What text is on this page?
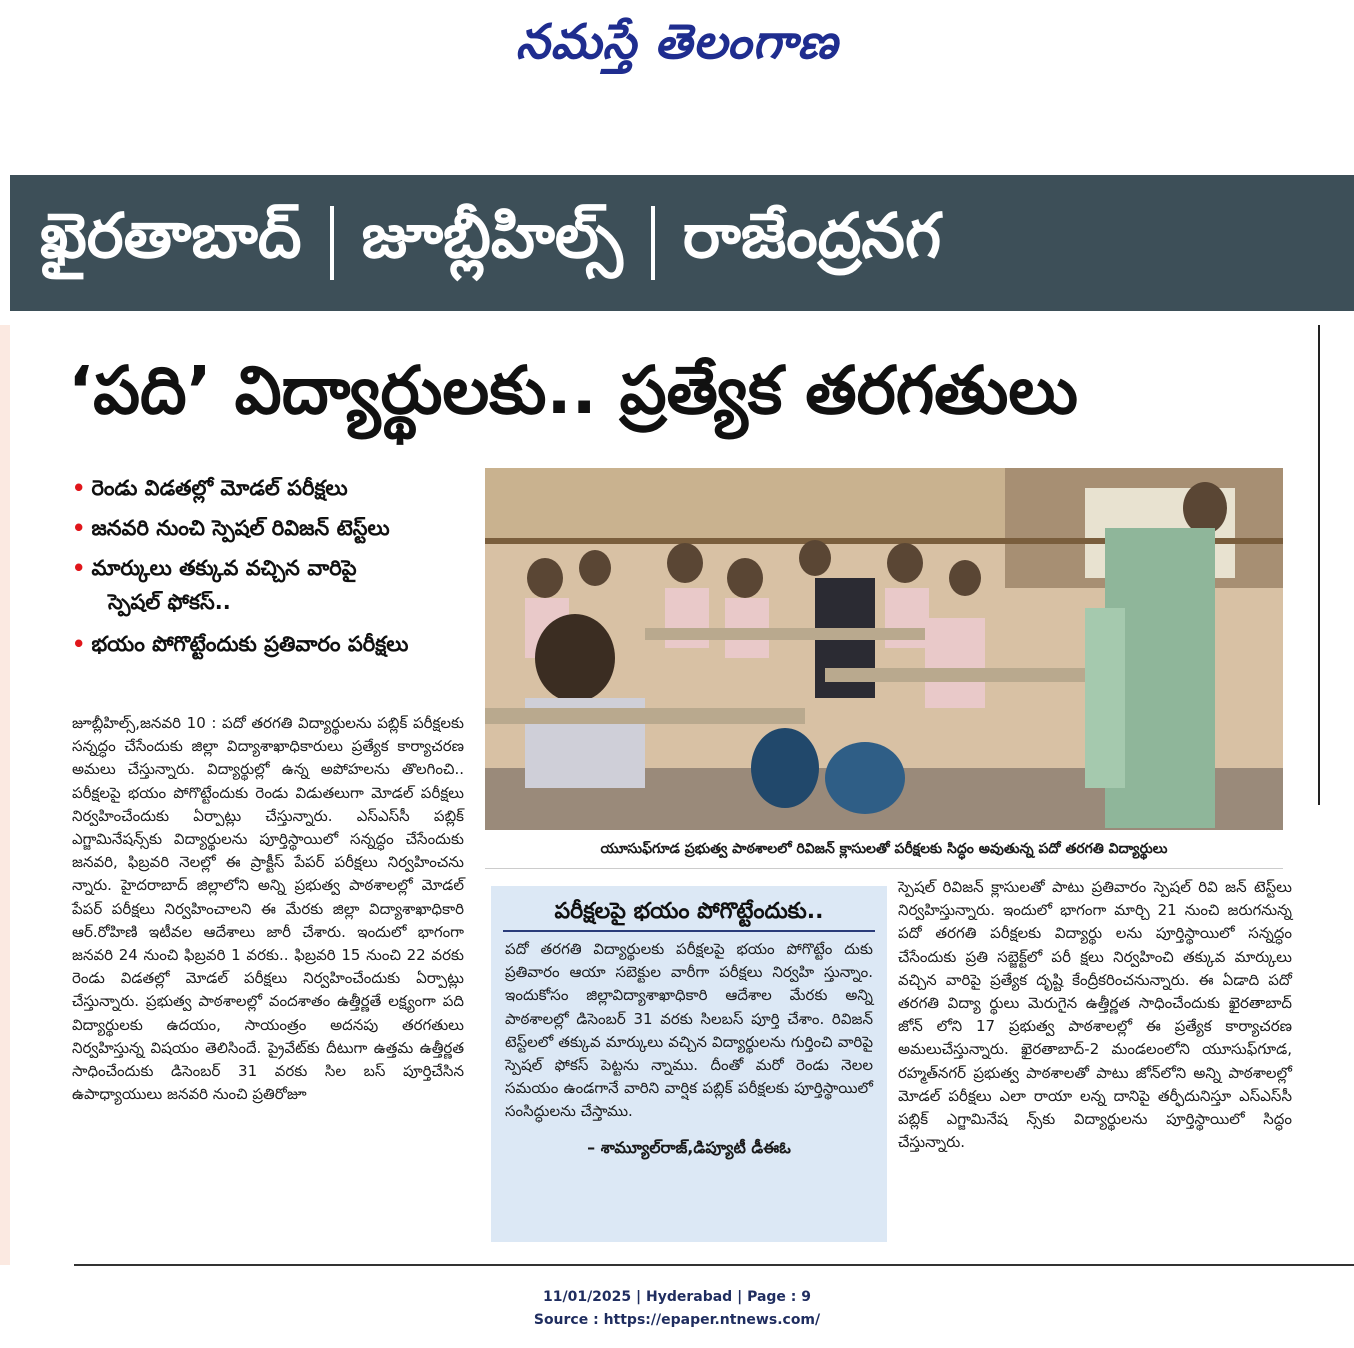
నమస్తే తెలంగాణ
ఖైరతాబాద్ జూబ్లీహిల్స్ రాజేంద్రనగ
‘పది’ విద్యార్థులకు.. ప్రత్యేక తరగతులు
• రెండు విడతల్లో మోడల్ పరీక్షలు
• జనవరి నుంచి స్పెషల్ రివిజన్ టెస్ట్‌లు
• మార్కులు తక్కువ వచ్చిన వారిపై
స్పెషల్ ఫోకస్..
• భయం పోగొట్టేందుకు ప్రతివారం పరీక్షలు
యూసుఫ్‌గూడ ప్రభుత్వ పాఠశాలలో రివిజన్ క్లాసులతో పరీక్షలకు సిద్ధం అవుతున్న పదో తరగతి విద్యార్థులు
జూబ్లీహిల్స్,జనవరి 10 : పదో తరగతి విద్యార్థులను పబ్లిక్ పరీక్షలకు సన్నద్ధం చేసేందుకు జిల్లా విద్యాశాఖాధికారులు ప్రత్యేక కార్యాచరణ అమలు చేస్తున్నారు. విద్యార్థుల్లో ఉన్న అపోహలను తొలగించి.. పరీక్షలపై భయం పోగొట్టేందుకు రెండు విడుతలుగా మోడల్ పరీక్షలు నిర్వహించేందుకు ఏర్పాట్లు చేస్తున్నారు. ఎస్ఎస్‌సీ పబ్లిక్ ఎగ్జామినేషన్స్‌కు విద్యార్థులను పూర్తిస్థాయిలో సన్నద్ధం చేసేందుకు జనవరి, ఫిబ్రవరి నెలల్లో ఈ ప్రాక్టీస్ పేపర్ పరీక్షలు నిర్వహించను న్నారు. హైదరాబాద్ జిల్లాలోని అన్ని ప్రభుత్వ పాఠశాలల్లో మోడల్ పేపర్ పరీక్షలు నిర్వహించాలని ఈ మేరకు జిల్లా విద్యాశాఖాధికారి ఆర్.రోహిణి ఇటీవల ఆదేశాలు జారీ చేశారు. ఇందులో భాగంగా జనవరి 24 నుంచి ఫిబ్రవరి 1 వరకు.. ఫిబ్రవరి 15 నుంచి 22 వరకు రెండు విడతల్లో మోడల్ పరీక్షలు నిర్వహించేందుకు ఏర్పాట్లు చేస్తున్నారు. ప్రభుత్వ పాఠశాలల్లో వందశాతం ఉత్తీర్ణతే లక్ష్యంగా పది విద్యార్థులకు ఉదయం, సాయంత్రం అదనపు తరగతులు నిర్వహిస్తున్న విషయం తెలిసిందే. ప్రైవేట్‌కు దీటుగా ఉత్తమ ఉత్తీర్ణత సాధించేందుకు డిసెంబర్ 31 వరకు సిల బస్ పూర్తిచేసిన ఉపాధ్యాయులు జనవరి నుంచి ప్రతిరోజూ
పరీక్షలపై భయం పోగొట్టేందుకు..
పదో తరగతి విద్యార్థులకు పరీక్షలపై భయం పోగొట్టేం దుకు ప్రతివారం ఆయా సబెక్టుల వారీగా పరీక్షలు నిర్వహి స్తున్నాం. ఇందుకోసం జిల్లావిద్యాశాఖాధికారి ఆదేశాల మేరకు అన్ని పాఠశాలల్లో డిసెంబర్ 31 వరకు సిలబస్ పూర్తి చేశాం. రివిజన్ టెస్ట్‌లలో తక్కువ మార్కులు వచ్చిన విద్యార్థులను గుర్తించి వారిపై స్పెషల్ ఫోకస్ పెట్టను న్నాము. దీంతో మరో రెండు నెలల సమయం ఉండగానే వారిని వార్షిక పబ్లిక్ పరీక్షలకు పూర్తిస్థాయిలో సంసిద్ధులను చేస్తాము.
– శామ్యూల్‌రాజ్,డిప్యూటీ డీఈఓ
స్పెషల్ రివిజన్ క్లాసులతో పాటు ప్రతివారం స్పెషల్ రివి జన్ టెస్ట్‌లు నిర్వహిస్తున్నారు. ఇందులో భాగంగా మార్చి 21 నుంచి జరుగనున్న పదో తరగతి పరీక్షలకు విద్యార్థు లను పూర్తిస్థాయిలో సన్నద్ధం చేసేందుకు ప్రతి సబ్జెక్ట్‌లో పరీ క్షలు నిర్వహించి తక్కువ మార్కులు వచ్చిన వారిపై ప్రత్యేక దృష్టి కేంద్రీకరించనున్నారు. ఈ ఏడాది పదో తరగతి విద్యా ర్థులు మెరుగైన ఉత్తీర్ణత సాధించేందుకు ఖైరతాబాద్ జోన్ లోని 17 ప్రభుత్వ పాఠశాలల్లో ఈ ప్రత్యేక కార్యాచరణ అమలుచేస్తున్నారు. ఖైరతాబాద్-2 మండలంలోని యూసుఫ్‌గూడ, రహ్మత్‌నగర్ ప్రభుత్వ పాఠశాలతో పాటు జోన్‌లోని అన్ని పాఠశాలల్లో మోడల్ పరీక్షలు ఎలా రాయా లన్న దానిపై తర్ఫీదునిస్తూ ఎస్ఎస్‌సీ పబ్లిక్ ఎగ్జామినేష న్స్‌కు విద్యార్థులను పూర్తిస్థాయిలో సిద్ధం చేస్తున్నారు.
11/01/2025 | Hyderabad | Page : 9
Source : https://epaper.ntnews.com/
